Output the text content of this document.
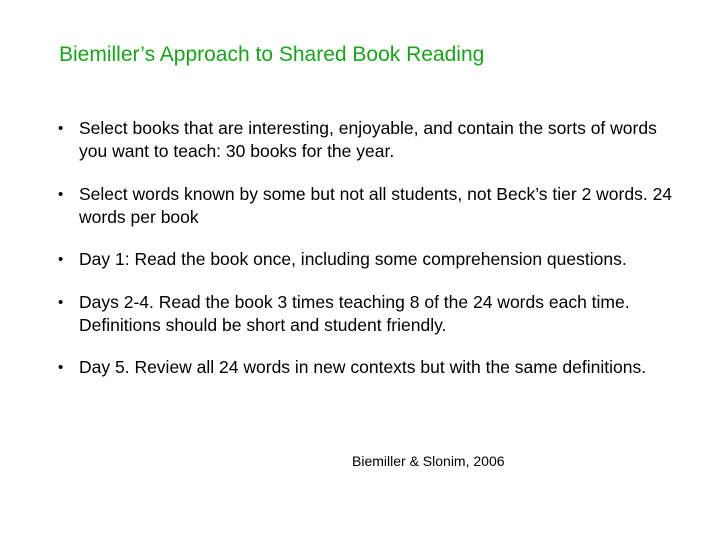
Biemiller’s Approach to Shared Book Reading
• Select books that are interesting, enjoyable, and contain the sorts of words you want to teach: 30 books for the year.
• Select words known by some but not all students, not Beck’s tier 2 words. 24 words per book
• Day 1: Read the book once, including some comprehension questions.
• Days 2-4. Read the book 3 times teaching 8 of the 24 words each time. Definitions should be short and student friendly.
• Day 5. Review all 24 words in new contexts but with the same definitions.
Biemiller & Slonim, 2006
